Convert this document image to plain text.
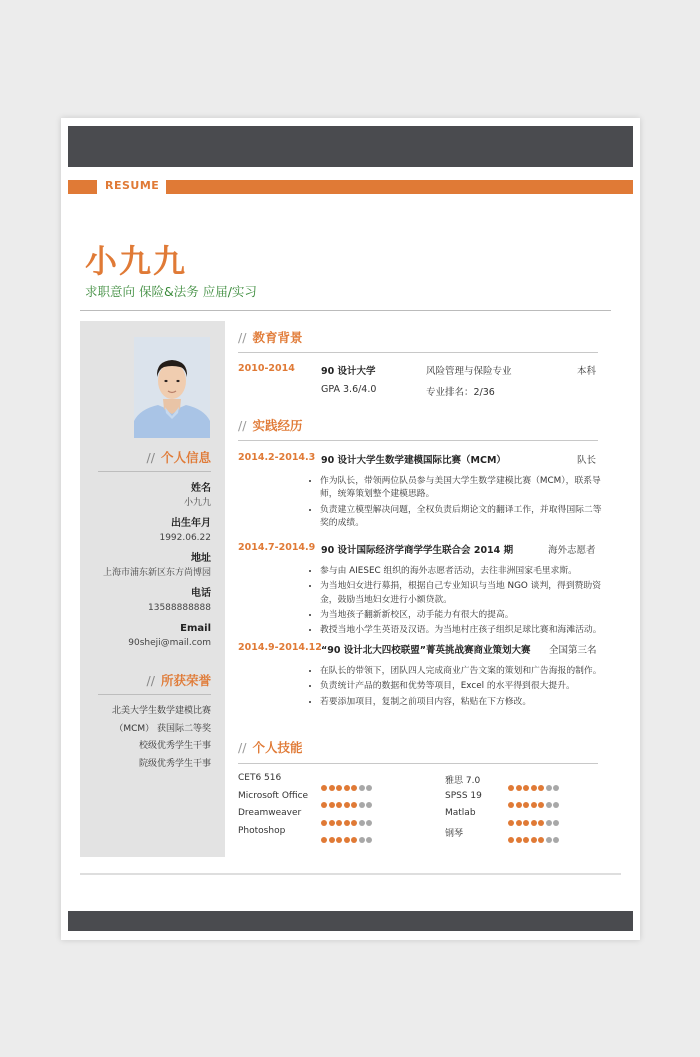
RESUME
小九九
求职意向 保险&法务 应届/实习
// 个人信息
姓名
小九九
出生年月
1992.06.22
地址
上海市浦东新区东方尚博园
电话
13588888888
Email
90sheji@mail.com
// 所获荣誉
北美大学生数学建模比赛
（MCM） 获国际二等奖
校级优秀学生干事
院级优秀学生干事
// 教育背景
2010-2014	90 设计大学	风险管理与保险专业	本科
GPA 3.6/4.0	专业排名：2/36
// 实践经历
2014.2-2014.3 90 设计大学生数学建模国际比赛（MCM）	队长
• 作为队长，带领两位队员参与美国大学生数学建模比赛（MCM），联系导师，统筹策划整个建模思路。
• 负责建立模型解决问题，全权负责后期论文的翻译工作，并取得国际二等奖的成绩。
2014.7-2014.9 90 设计国际经济学商学学生联合会 2014 期	海外志愿者
• 参与由 AIESEC 组织的海外志愿者活动，去往非洲国家毛里求斯。
• 为当地妇女进行募捐，根据自己专业知识与当地 NGO 谈判，得到赞助资金，鼓励当地妇女进行小额贷款。
• 为当地孩子翻新新校区，动手能力有很大的提高。
• 教授当地小学生英语及汉语。为当地村庄孩子组织足球比赛和海滩活动。
2014.9-2014.12 “90 设计北大四校联盟”菁英挑战赛商业策划大赛 全国第三名
• 在队长的带领下，团队四人完成商业广告文案的策划和广告海报的制作。
• 负责统计产品的数据和优势等项目，Excel 的水平得到很大提升。
• 若要添加项目，复制之前项目内容，粘贴在下方修改。
// 个人技能
CET6 516	雅思 7.0
Microsoft Office	SPSS 19
Dreamweaver	Matlab
Photoshop	钢琴
